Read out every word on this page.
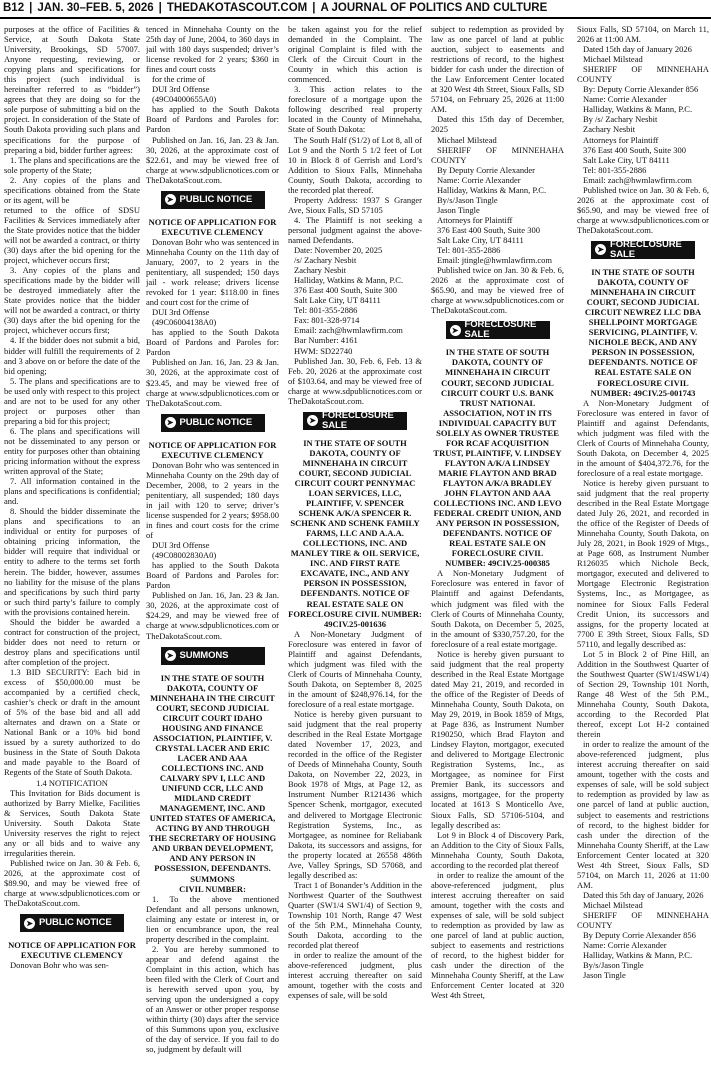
B12 | JAN. 30–FEB. 5, 2026 | THEDAKOTASCOUT.COM | A JOURNAL OF POLITICS AND CULTURE

purposes at the office of Facilities & Service, at South Dakota State University, Brookings, SD 57007. Anyone requesting, reviewing, or copying plans and specifications for this project (such individual is hereinafter referred to as “bidder”) agrees that they are doing so for the sole purpose of submitting a bid on the project. In consideration of the State of South Dakota providing such plans and specifications for the purpose of preparing a bid, bidder further agrees:

1. The plans and specifications are the sole property of the State;

2. Any copies of the plans and specifications obtained from the State or its agent, will be

returned to the office of SDSU Facilities & Services immediately after the State provides notice that the bidder will not be awarded a contract, or thirty (30) days after the bid opening for the project, whichever occurs first;

3. Any copies of the plans and specifications made by the bidder will be destroyed immediately after the State provides notice that the bidder will not be awarded a contract, or thirty (30) days after the bid opening for the project, whichever occurs first;

4. If the bidder does not submit a bid, bidder will fulfill the requirements of 2 and 3 above on or before the date of the bid opening;

5. The plans and specifications are to be used only with respect to this project and are not to be used for any other project or purposes other than preparing a bid for this project;

6. The plans and specifications will not be disseminated to any person or entity for purposes other than obtaining pricing information without the express written approval of the State;

7. All information contained in the plans and specifications is confidential; and.

8. Should the bidder disseminate the plans and specifications to an individual or entity for purposes of obtaining pricing information, the bidder will require that individual or entity to adhere to the terms set forth herein. The bidder, however, assumes no liability for the misuse of the plans and specifications by such third party or such third party’s failure to comply with the provisions contained herein.

Should the bidder be awarded a contract for construction of the project, bidder does not need to return or destroy plans and specifications until after completion of the project.

1.3 BID SECURITY: Each bid in excess of $50,000.00 must be accompanied by a certified check, cashier’s check or draft in the amount of 5% of the base bid and all add alternates and drawn on a State or National Bank or a 10% bid bond issued by a surety authorized to do business in the State of South Dakota and made payable to the Board of Regents of the State of South Dakota.

1.4 NOTIFICATION

This Invitation for Bids document is authorized by Barry Mielke, Facilities & Services, South Dakota State University. South Dakota State University reserves the right to reject any or all bids and to waive any irregularities therein.

Published twice on Jan. 30 & Feb. 6, 2026, at the approximate cost of $89.90, and may be viewed free of charge at www.sdpublicnotices.com or TheDakotaScout.com.

➤ PUBLIC NOTICE
NOTICE OF APPLICATION FOR EXECUTIVE CLEMENCY

Donovan Bohr who was sen-

tenced in Minnehaha County on the 25th day of June, 2004, to 360 days in jail with 180 days suspended; driver’s license revoked for 2 years; $360 in fines and court costs

for the crime of

DUI 3rd Offense

(49C04000655A0)

has applied to the South Dakota Board of Pardons and Paroles for: Pardon

Published on Jan. 16, Jan. 23 & Jan. 30, 2026, at the approximate cost of $22.61, and may be viewed free of charge at www.sdpublicnotices.com or TheDakotaScout.com.

➤ PUBLIC NOTICE
NOTICE OF APPLICATION FOR EXECUTIVE CLEMENCY

Donovan Bohr who was sentenced in Minnehaha County on the 11th day of January, 2007, to 2 years in the penitentiary, all suspended; 150 days jail - work release; drivers license revoked for 1 year: $118.00 in fines and court cost for the crime of

DUI 3rd Offense

(49C06004138A0)

has applied to the South Dakota Board of Pardons and Paroles for: Pardon

Published on Jan. 16, Jan. 23 & Jan. 30, 2026, at the approximate cost of $23.45, and may be viewed free of charge at www.sdpublicnotices.com or TheDakotaScout.com.

➤ PUBLIC NOTICE
NOTICE OF APPLICATION FOR EXECUTIVE CLEMENCY

Donovan Bohr who was sentenced in Minnehaha County on the 29th day of December, 2008, to 2 years in the penitentiary, all suspended; 180 days in jail with 120 to serve; driver’s license suspended for 2 years; $958.00 in fines and court costs for the crime of

DUI 3rd Offense

(49C08002830A0)

has applied to the South Dakota Board of Pardons and Paroles for: Pardon

Published on Jan. 16, Jan. 23 & Jan. 30, 2026, at the approximate cost of $24.29, and may be viewed free of charge at www.sdpublicnotices.com or TheDakotaScout.com.

➤ SUMMONS

IN THE STATE OF SOUTH DAKOTA, COUNTY OF MINNEHAHA IN THE CIRCUIT COURT, SECOND JUDICIAL CIRCUIT COURT IDAHO HOUSING AND FINANCE ASSOCIATION, PLAINTIFF, V. CRYSTAL LACER AND ERIC LACER AND AAA COLLECTIONS INC. AND CALVARY SPV I, LLC AND UNIFUND CCR, LLC AND MIDLAND CREDIT MANAGEMENT, INC. AND UNITED STATES OF AMERICA, ACTING BY AND THROUGH THE SECRETARY OF HOUSING AND URBAN DEVELOPMENT, AND ANY PERSON IN POSSESSION, DEFENDANTS.

SUMMONS

CIVIL NUMBER:

1. To the above mentioned Defendant and all persons unknown, claiming any estate or interest in, or lien or encumbrance upon, the real property described in the complaint.

2. You are hereby summoned to appear and defend against the Complaint in this action, which has been filed with the Clerk of Court and is herewith served upon you, by serving upon the undersigned a copy of an Answer or other proper response within thirty (30) days after the service of this Summons upon you, exclusive of the day of service. If you fail to do so, judgment by default will

be taken against you for the relief demanded in the Complaint. The original Complaint is filed with the Clerk of the Circuit Court in the County in which this action is commenced.

3. This action relates to the foreclosure of a mortgage upon the following described real property located in the County of Minnehaha, State of South Dakota:

The South Half (S1/2) of Lot 8, all of Lot 9 and the North 5 1/2 feet of Lot 10 in Block 8 of Gerrish and Lord’s Addition to Sioux Falls, Minnehaha County, South Dakota, according to the recorded plat thereof.

Property Address: 1937 S Granger Ave, Sioux Falls, SD 57105

4. The Plaintiff is not seeking a personal judgment against the above-named Defendants.

Date: November 20, 2025

/s/ Zachary Nesbit

Zachary Nesbit

Halliday, Watkins & Mann, P.C.

376 East 400 South, Suite 300

Salt Lake City, UT 84111

Tel: 801-355-2886

Fax: 801-328-9714

Email: zach@hwmlawfirm.com

Bar Number: 4161

HWM: SD22740

Published Jan. 30, Feb. 6, Feb. 13 & Feb. 20, 2026 at the approximate cost of $103.64, and may be viewed free of charge at www.sdpublicnotices.com or TheDakotaScout.com.

➤
FORECLOSURE SALE

IN THE STATE OF SOUTH DAKOTA, COUNTY OF MINNEHAHA IN CIRCUIT COURT, SECOND JUDICIAL CIRCUIT COURT PENNYMAC LOAN SERVICES, LLC, PLAINTIFF, V. SPENCER SCHENK A/K/A SPENCER R. SCHENK AND SCHENK FAMILY FARMS, LLC AND A.A.A. COLLECTIONS, INC. AND MANLEY TIRE & OIL SERVICE, INC. AND FIRST RATE EXCAVATE, INC., AND ANY PERSON IN POSSESSION, DEFENDANTS. NOTICE OF REAL ESTATE SALE ON FORECLOSURE CIVIL NUMBER: 49CIV.25-001636

A Non-Monetary Judgment of Foreclosure was entered in favor of Plaintiff and against Defendants, which judgment was filed with the Clerk of Courts of Minnehaha County, South Dakota, on September 8, 2025 in the amount of $248,976.14, for the foreclosure of a real estate mortgage.

Notice is hereby given pursuant to said judgment that the real property described in the Real Estate Mortgage dated November 17, 2023, and recorded in the office of the Register of Deeds of Minnehaha County, South Dakota, on November 22, 2023, in Book 1978 of Mtgs, at Page 12, as Instrument Number R121436 which Spencer Schenk, mortgagor, executed and delivered to Mortgage Electronic Registration Systems, Inc., as Mortgagee, as nominee for Reliabank Dakota, its successors and assigns, for the property located at 26558 486th Ave, Valley Springs, SD 57068, and legally described as:

Tract 1 of Bonander’s Addition in the Northwest Quarter of the Southwest Quarter (SW1/4 SW1/4) of Section 9, Township 101 North, Range 47 West of the 5th P.M., Minnehaha County, South Dakota, according to the recorded plat thereof

in order to realize the amount of the above-referenced judgment, plus interest accruing thereafter on said amount, together with the costs and expenses of sale, will be sold

subject to redemption as provided by law as one parcel of land at public auction, subject to easements and restrictions of record, to the highest bidder for cash under the direction of the Law Enforcement Center located at 320 West 4th Street, Sioux Falls, SD 57104, on February 25, 2026 at 11:00 AM.

Dated this 15th day of December, 2025

Michael Milstead

SHERIFF OF MINNEHAHA COUNTY

By Deputy Corrie Alexander

Name: Corrie Alexander

Halliday, Watkins & Mann, P.C.

By/s/Jason Tingle

Jason Tingle

Attorneys for Plaintiff

376 East 400 South, Suite 300

Salt Lake City, UT 84111

Tel: 801-355-2886

Email: jtingle@hwmlawfirm.com

Published twice on Jan. 30 & Feb. 6, 2026 at the approximate cost of $65.90, and may be viewed free of charge at www.sdpublicnotices.com or TheDakotaScout.com.

➤
FORECLOSURE SALE

IN THE STATE OF SOUTH DAKOTA, COUNTY OF MINNEHAHA IN CIRCUIT COURT, SECOND JUDICIAL CIRCUIT COURT U.S. BANK TRUST NATIONAL ASSOCIATION, NOT IN ITS INDIVIDUAL CAPACITY BUT SOLELY AS OWNER TRUSTEE FOR RCAF ACQUISITION TRUST, PLAINTIFF, V. LINDSEY FLAYTON A/K/A LINDSEY MARIE FLAYTON AND BRAD FLAYTON A/K/A BRADLEY JOHN FLAYTON AND AAA COLLECTIONS INC. AND LEVO FEDERAL CREDIT UNION, AND ANY PERSON IN POSSESSION, DEFENDANTS. NOTICE OF REAL ESTATE SALE ON FORECLOSURE CIVIL NUMBER: 49CIV.25-000385

A Non-Monetary Judgment of Foreclosure was entered in favor of Plaintiff and against Defendants, which judgment was filed with the Clerk of Courts of Minnehaha County, South Dakota, on December 5, 2025, in the amount of $330,757.20, for the foreclosure of a real estate mortgage.

Notice is hereby given pursuant to said judgment that the real property described in the Real Estate Mortgage dated May 21, 2019, and recorded in the office of the Register of Deeds of Minnehaha County, South Dakota, on May 29, 2019, in Book 1859 of Mtgs, at Page 836, as Instrument Number R190250, which Brad Flayton and Lindsey Flayton, mortgagor, executed and delivered to Mortgage Electronic Registration Systems, Inc., as Mortgagee, as nominee for First Premier Bank, its successors and assigns, mortgagee, for the property located at 1613 S Monticello Ave, Sioux Falls, SD 57106-5104, and legally described as:

Lot 9 in Block 4 of Discovery Park, an Addition to the City of Sioux Falls, Minnehaha County, South Dakota, according to the recorded plat thereof

in order to realize the amount of the above-referenced judgment, plus interest accruing thereafter on said amount, together with the costs and expenses of sale, will be sold subject to redemption as provided by law as one parcel of land at public auction, subject to easements and restrictions of record, to the highest bidder for cash under the direction of the Minnehaha County Sheriff, at the Law Enforcement Center located at 320 West 4th Street,

Sioux Falls, SD 57104, on March 11, 2026 at 11:00 AM.

Dated 15th day of January 2026

Michael Milstead

SHERIFF OF MINNEHAHA COUNTY

By: Deputy Corrie Alexander 856

Name: Corrie Alexander

Halliday, Watkins & Mann, P.C.

By /s/ Zachary Nesbit

Zachary Nesbit

Attorneys for Plaintiff

376 East 400 South, Suite 300

Salt Lake City, UT 84111

Tel: 801-355-2886

Email: zach@hwmlawfirm.com

Published twice on Jan. 30 & Feb. 6, 2026 at the approximate cost of $65.90, and may be viewed free of charge at www.sdpublicnotices.com or TheDakotaScout.com.

➤
FORECLOSURE SALE

IN THE STATE OF SOUTH DAKOTA, COUNTY OF MINNEHAHA IN CIRCUIT COURT, SECOND JUDICIAL CIRCUIT NEWREZ LLC DBA SHELLPOINT MORTGAGE SERVICING, PLAINTIFF, V. NICHOLE BECK, AND ANY PERSON IN POSSESSION, DEFENDANTS. NOTICE OF REAL ESTATE SALE ON FORECLOSURE CIVIL NUMBER: 49CIV.25-001743

A Non-Monetary Judgment of Foreclosure was entered in favor of Plaintiff and against Defendants, which judgment was filed with the Clerk of Courts of Minnehaha County, South Dakota, on December 4, 2025 in the amount of $404,372.76, for the foreclosure of a real estate mortgage.

Notice is hereby given pursuant to said judgment that the real property described in the Real Estate Mortgage dated July 26, 2021, and recorded in the office of the Register of Deeds of Minnehaha County, South Dakota, on July 28, 2021, in Book 1929 of Mtgs., at Page 608, as Instrument Number R126035 which Nichole Beck, mortgagor, executed and delivered to Mortgage Electronic Registration Systems, Inc., as Mortgagee, as nominee for Sioux Falls Federal Credit Union, its successors and assigns, for the property located at 7700 E 39th Street, Sioux Falls, SD 57110, and legally described as:

Lot 5 in Block 2 of Pine Hill, an Addition in the Southwest Quarter of the Southwest Quarter (SW1/4SW1/4) of Section 29, Township 101 North, Range 48 West of the 5th P.M., Minnehaha County, South Dakota, according to the Recorded Plat thereof, except Lot H-2 contained therein

in order to realize the amount of the above-referenced judgment, plus interest accruing thereafter on said amount, together with the costs and expenses of sale, will be sold subject to redemption as provided by law as one parcel of land at public auction, subject to easements and restrictions of record, to the highest bidder for cash under the direction of the Minnehaha County Sheriff, at the Law Enforcement Center located at 320 West 4th Street, Sioux Falls, SD 57104, on March 11, 2026 at 11:00 AM.

Dated this 5th day of January, 2026

Michael Milstead

SHERIFF OF MINNEHAHA COUNTY

By Deputy Corrie Alexander 856

Name: Corrie Alexander

Halliday, Watkins & Mann, P.C.

By/s/Jason Tingle

Jason Tingle
